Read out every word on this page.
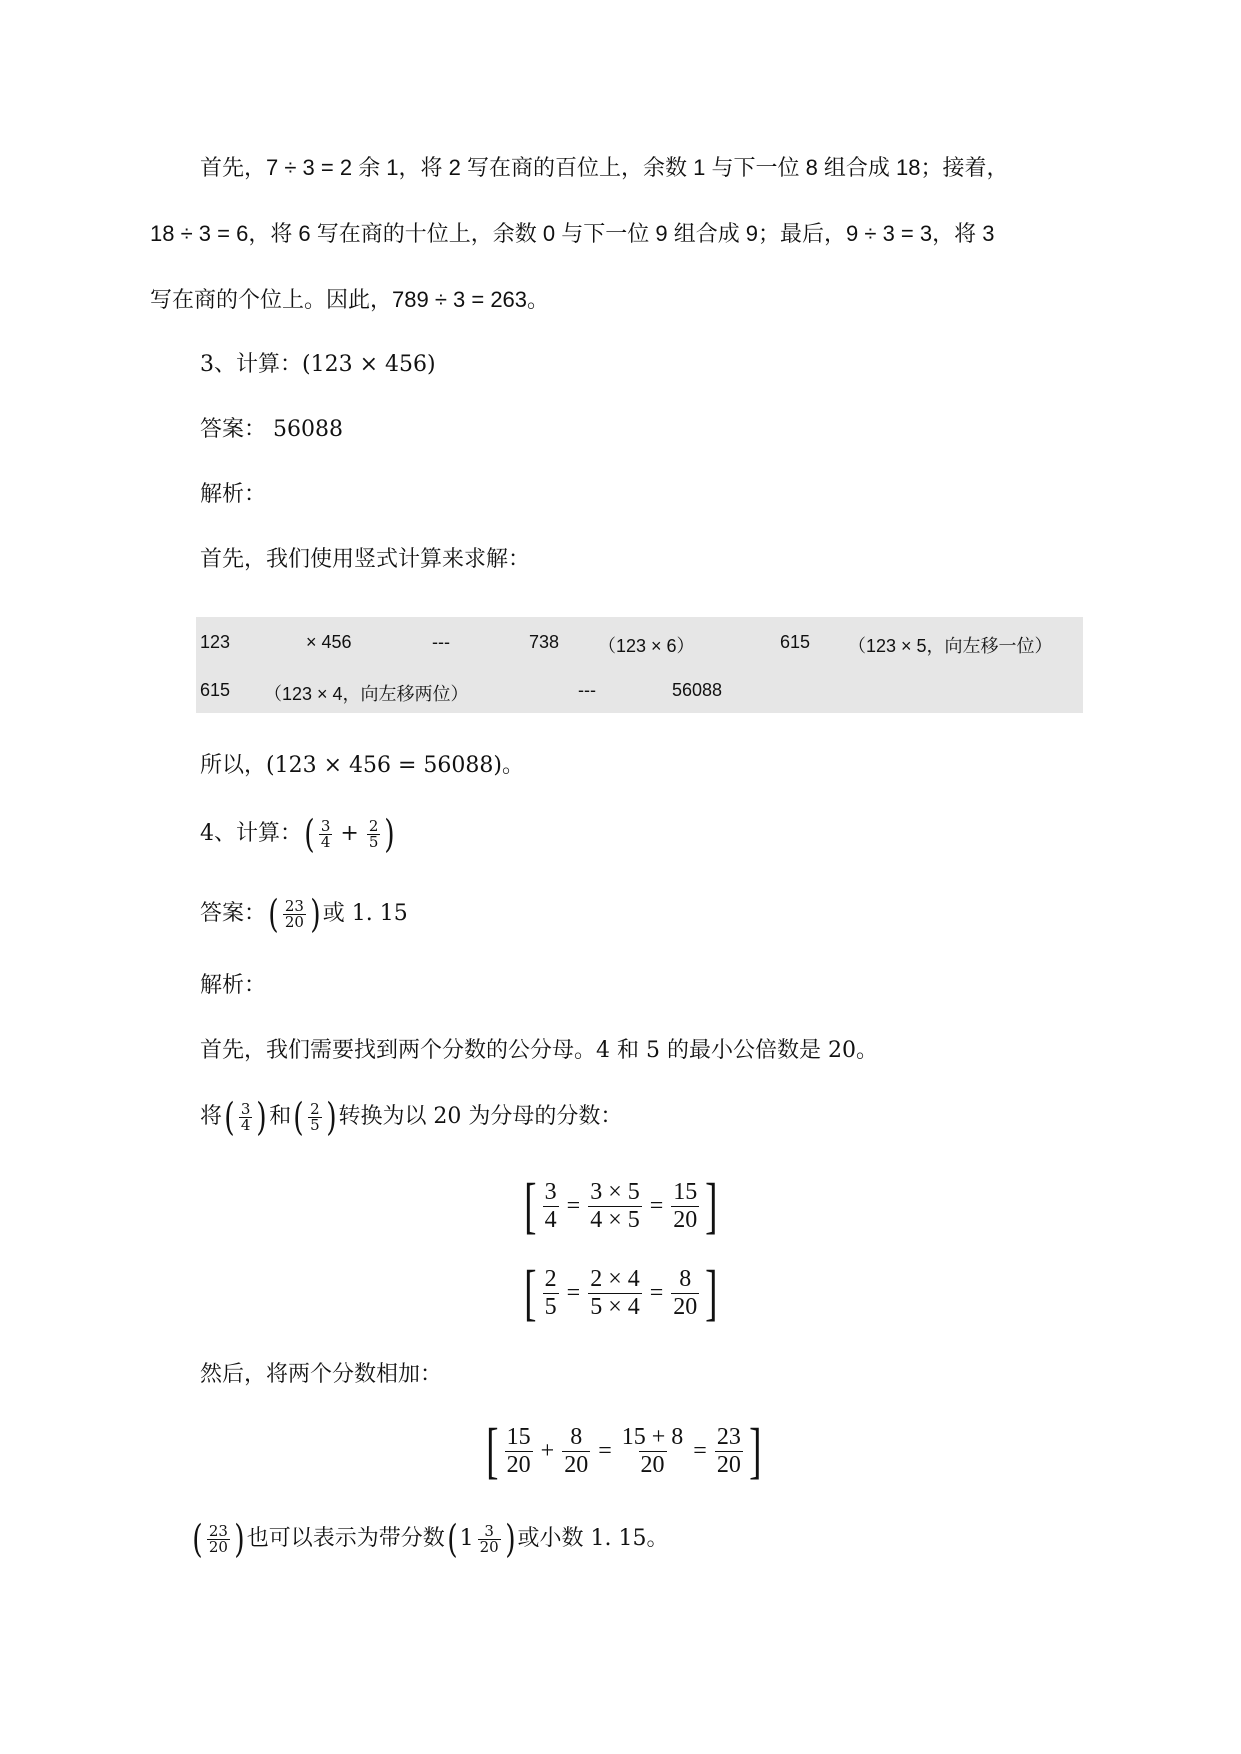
首先，7 ÷ 3 = 2 余 1，将 2 写在商的百位上，余数 1 与下一位 8 组合成 18；接着，
18 ÷ 3 = 6，将 6 写在商的十位上，余数 0 与下一位 9 组合成 9；最后，9 ÷ 3 = 3，将 3
写在商的个位上。因此，789 ÷ 3 = 263。
3、计算：(123 × 456)
答案： 56088
解析：
首先，我们使用竖式计算来求解：
123	× 456	---	738 （123 × 6）	615 （123 × 5，向左移一位）
615 （123 × 4，向左移两位）	---	56088
所以，(123 × 456 = 56088)。
4、计算： ( $\frac{3}{4} + \frac{2}{5}$ )
答案： ( $\frac{23}{20}$ ) 或 1. 15
解析：
首先，我们需要找到两个分数的公分母。4 和 5 的最小公倍数是 20。
将 ( $\frac{3}{4}$ ) 和 ( $\frac{2}{5}$ ) 转换为以 20 为分母的分数：
[ $\frac{3}{4} = \frac{3 \times 5}{4 \times 5} = \frac{15}{20}$ ]
[ $\frac{2}{5} = \frac{2 \times 4}{5 \times 4} = \frac{8}{20}$ ]
然后，将两个分数相加：
[ $\frac{15}{20} + \frac{8}{20} = \frac{15 + 8}{20} = \frac{23}{20}$ ]
( $\frac{23}{20}$ ) 也可以表示为带分数 ( $1 \frac{3}{20}$ ) 或小数 1. 15。
